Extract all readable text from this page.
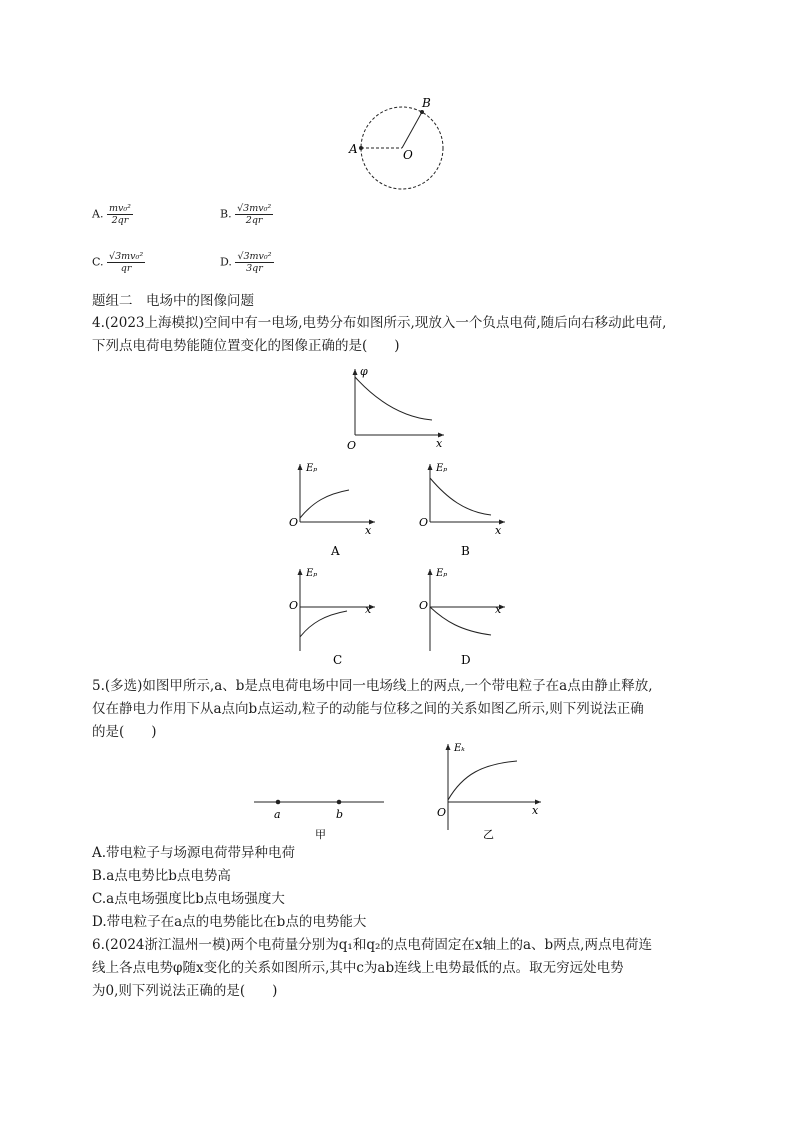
A
B
O
A. $\frac{\text{mv₀²}}{2qr}$	B. $\frac{\text{√3mv₀²}}{2qr}$
C. $\frac{\text{√3mv₀²}}{qr}$	D. $\frac{\text{√3mv₀²}}{3qr}$
题组二　电场中的图像问题
4.(2023上海模拟)空间中有一电场,电势分布如图所示,现放入一个负点电荷,随后向右移动此电荷,
下列点电荷电势能随位置变化的图像正确的是(　　)
φ
x
O
Eₚ
x
O
A
Eₚ
x
O
B
Eₚ
x
O
C
Eₚ
x
O
D
5.(多选)如图甲所示,a、b是点电荷电场中同一电场线上的两点,一个带电粒子在a点由静止释放,
仅在静电力作用下从a点向b点运动,粒子的动能与位移之间的关系如图乙所示,则下列说法正确
的是(　　)
a	b
甲
Eₖ
x
O
乙
A.带电粒子与场源电荷带异种电荷
B.a点电势比b点电势高
C.a点电场强度比b点电场强度大
D.带电粒子在a点的电势能比在b点的电势能大
6.(2024浙江温州一模)两个电荷量分别为q₁和q₂的点电荷固定在x轴上的a、b两点,两点电荷连
线上各点电势φ随x变化的关系如图所示,其中c为ab连线上电势最低的点。取无穷远处电势
为0,则下列说法正确的是(　　)
